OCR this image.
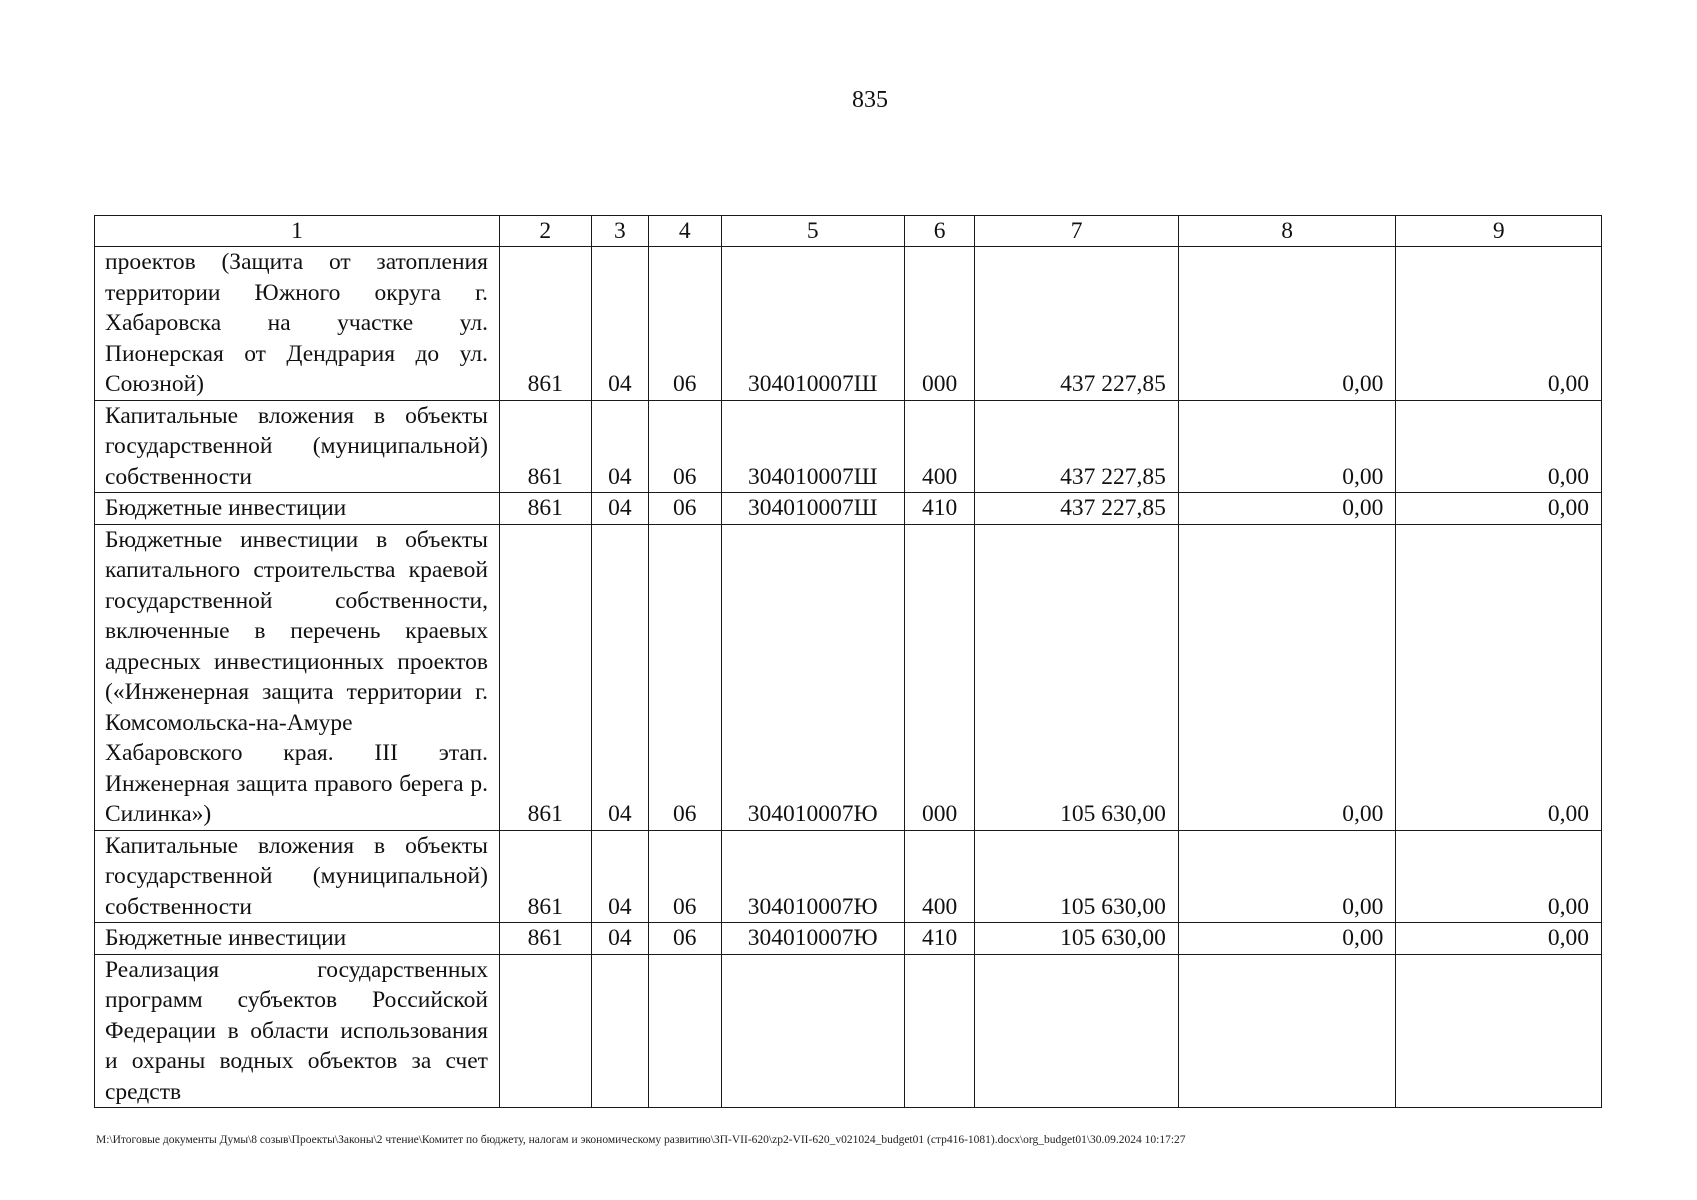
835
1	2	3	4	5	6	7	8	9
проектов (Защита от затопления территории Южного округа г. Хабаровска на участке ул. Пионерская от Дендрария до ул. Союзной)	861	04	06	304010007Ш	000	437 227,85	0,00	0,00
Капитальные вложения в объекты государственной (муниципальной) собственности	861	04	06	304010007Ш	400	437 227,85	0,00	0,00
Бюджетные инвестиции	861	04	06	304010007Ш	410	437 227,85	0,00	0,00
Бюджетные инвестиции в объекты капитального строительства краевой государственной собственности, включенные в перечень краевых адресных инвестиционных проектов («Инженерная защита территории г. Комсомольска-на-Амуре Хабаровского края. III этап. Инженерная защита правого берега р. Силинка»)	861	04	06	304010007Ю	000	105 630,00	0,00	0,00
Капитальные вложения в объекты государственной (муниципальной) собственности	861	04	06	304010007Ю	400	105 630,00	0,00	0,00
Бюджетные инвестиции	861	04	06	304010007Ю	410	105 630,00	0,00	0,00
Реализация государственных программ субъектов Российской Федерации в области использования и охраны водных объектов за счет средств								
M:\Итоговые документы Думы\8 созыв\Проекты\Законы\2 чтение\Комитет по бюджету, налогам и экономическому развитию\ЗП-VII-620\zp2-VII-620_v021024_budget01 (стр416-1081).docx\org_budget01\30.09.2024 10:17:27
